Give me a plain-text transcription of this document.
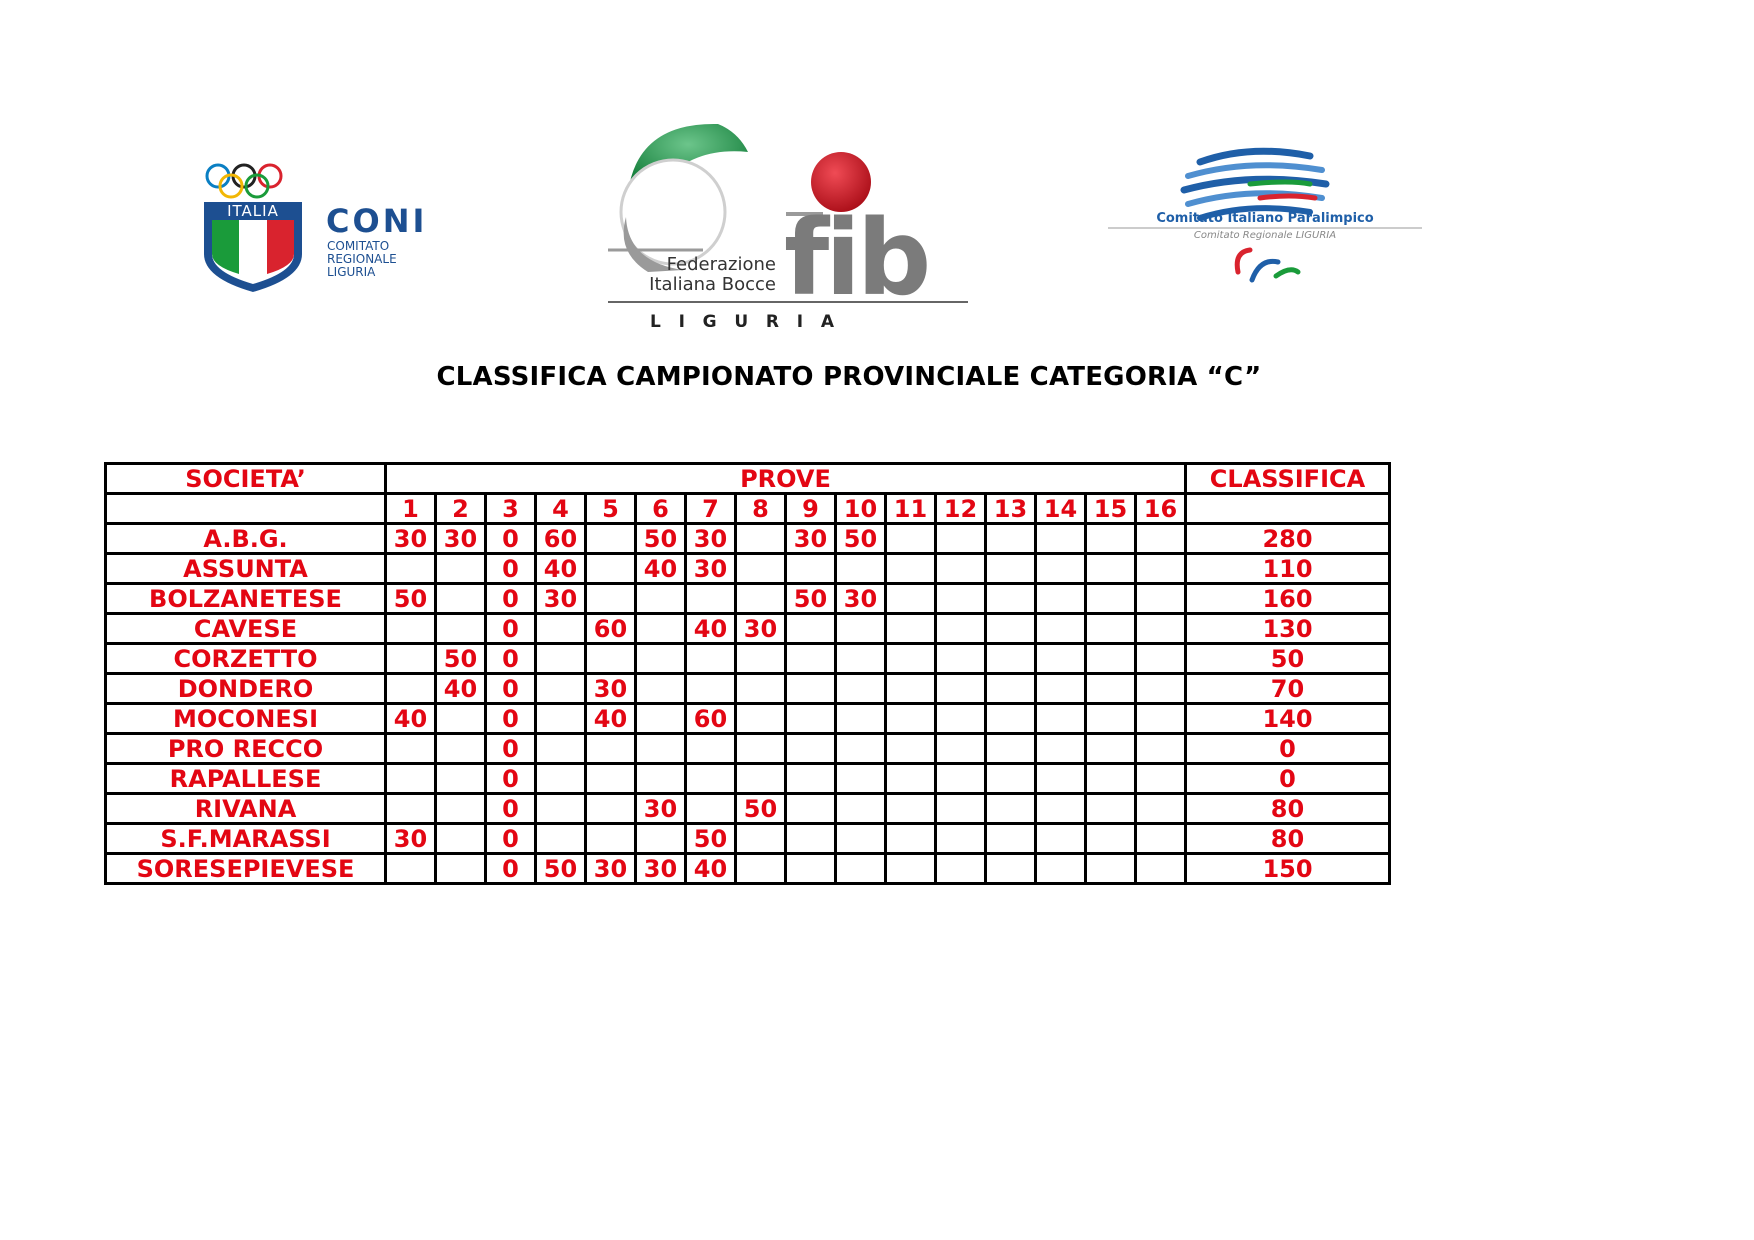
ITALIA CONI
COMITATO
REGIONALE
LIGURIA	Federazione
Italiana Bocce fib
L   I   G   U   R   I   A
Comitato Italiano Paralimpico
Comitato Regionale LIGURIA
CLASSIFICA CAMPIONATO PROVINCIALE CATEGORIA “C”
SOCIETA’	PROVE																CLASSIFICA
	1	2	3	4	5	6	7	8	9	10	11	12	13	14	15	16	
A.B.G.	30	30	0	60		50	30		30	50							280
ASSUNTA			0	40		40	30										110
BOLZANETESE	50		0	30					50	30							160
CAVESE			0		60		40	30									130
CORZETTO		50	0														50
DONDERO		40	0		30												70
MOCONESI	40		0		40		60										140
PRO RECCO			0														0
RAPALLESE			0														0
RIVANA			0			30		50									80
S.F.MARASSI	30		0				50										80
SORESEPIEVESE			0	50	30	30	40										150
